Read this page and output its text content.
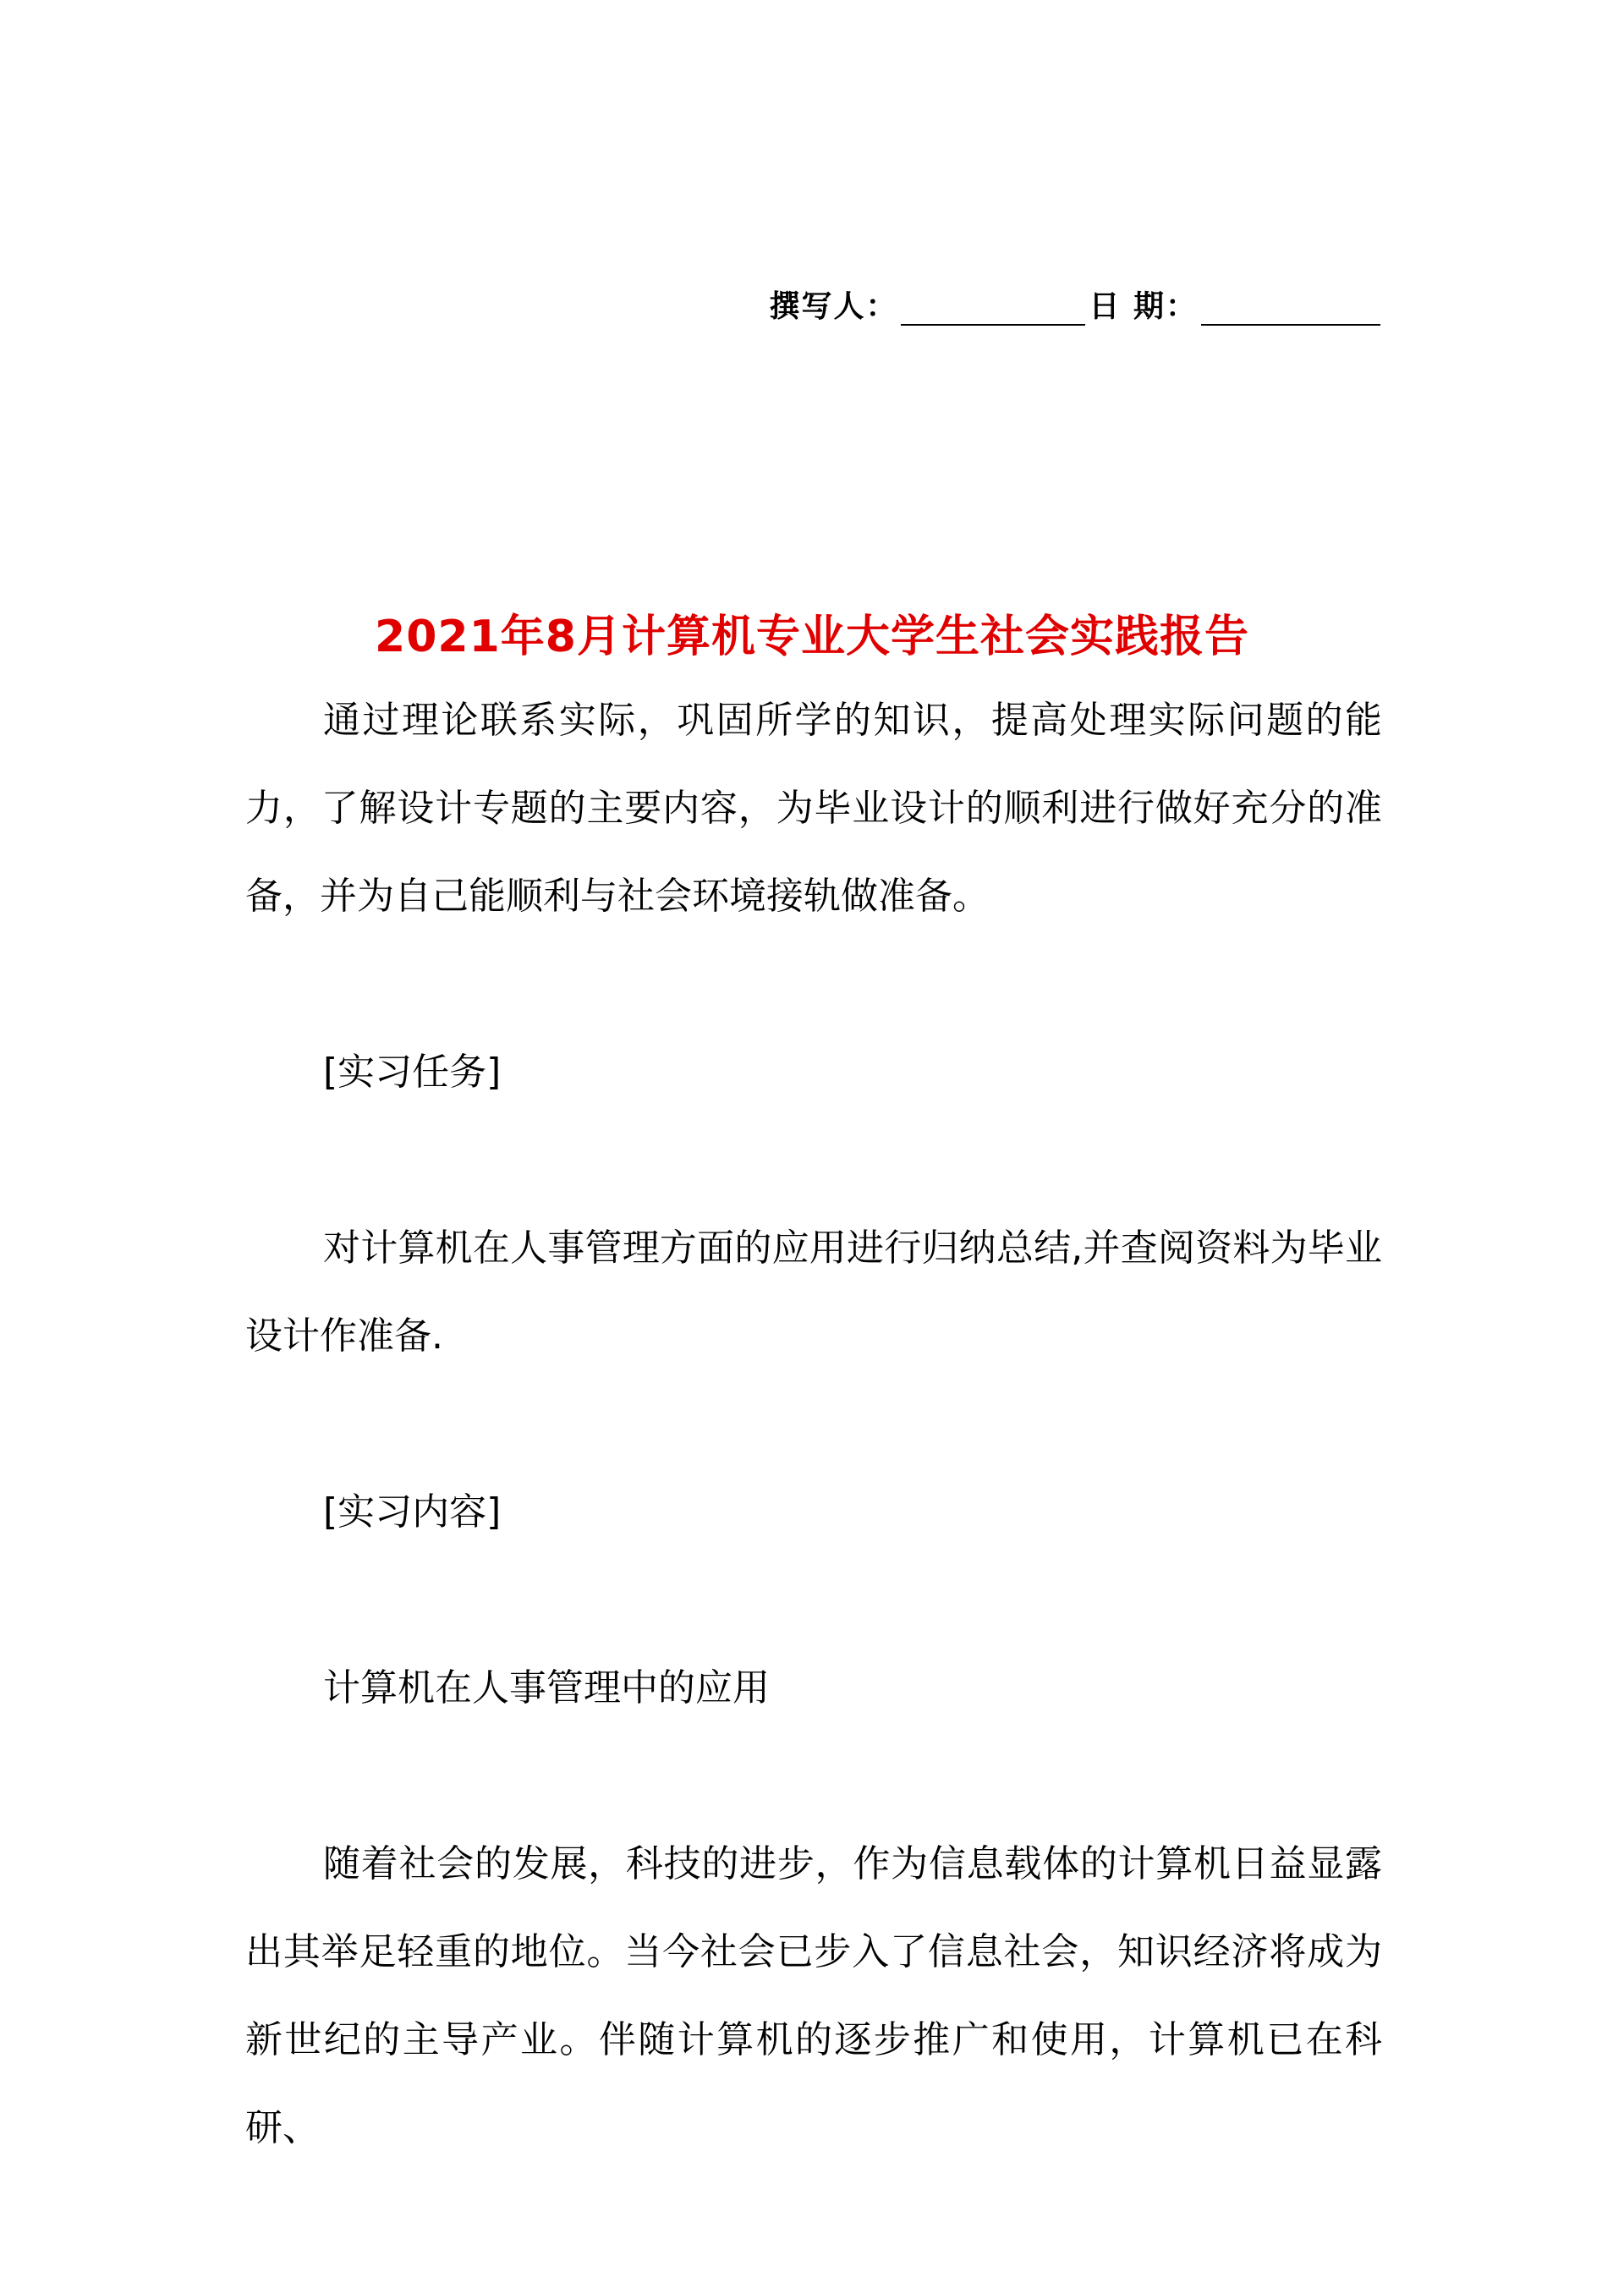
撰写人：	日 期：
2021年8月计算机专业大学生社会实践报告

通过理论联系实际，巩固所学的知识，提高处理实际问题的能力，了解设计专题的主要内容，为毕业设计的顺利进行做好充分的准备，并为自己能顺利与社会环境接轨做准备。

[实习任务]

对计算机在人事管理方面的应用进行归纳总结,并查阅资料为毕业设计作准备.

[实习内容]

计算机在人事管理中的应用

随着社会的发展，科技的进步，作为信息载体的计算机日益显露出其举足轻重的地位。当今社会已步入了信息社会，知识经济将成为新世纪的主导产业。伴随计算机的逐步推广和使用，计算机已在科研、
